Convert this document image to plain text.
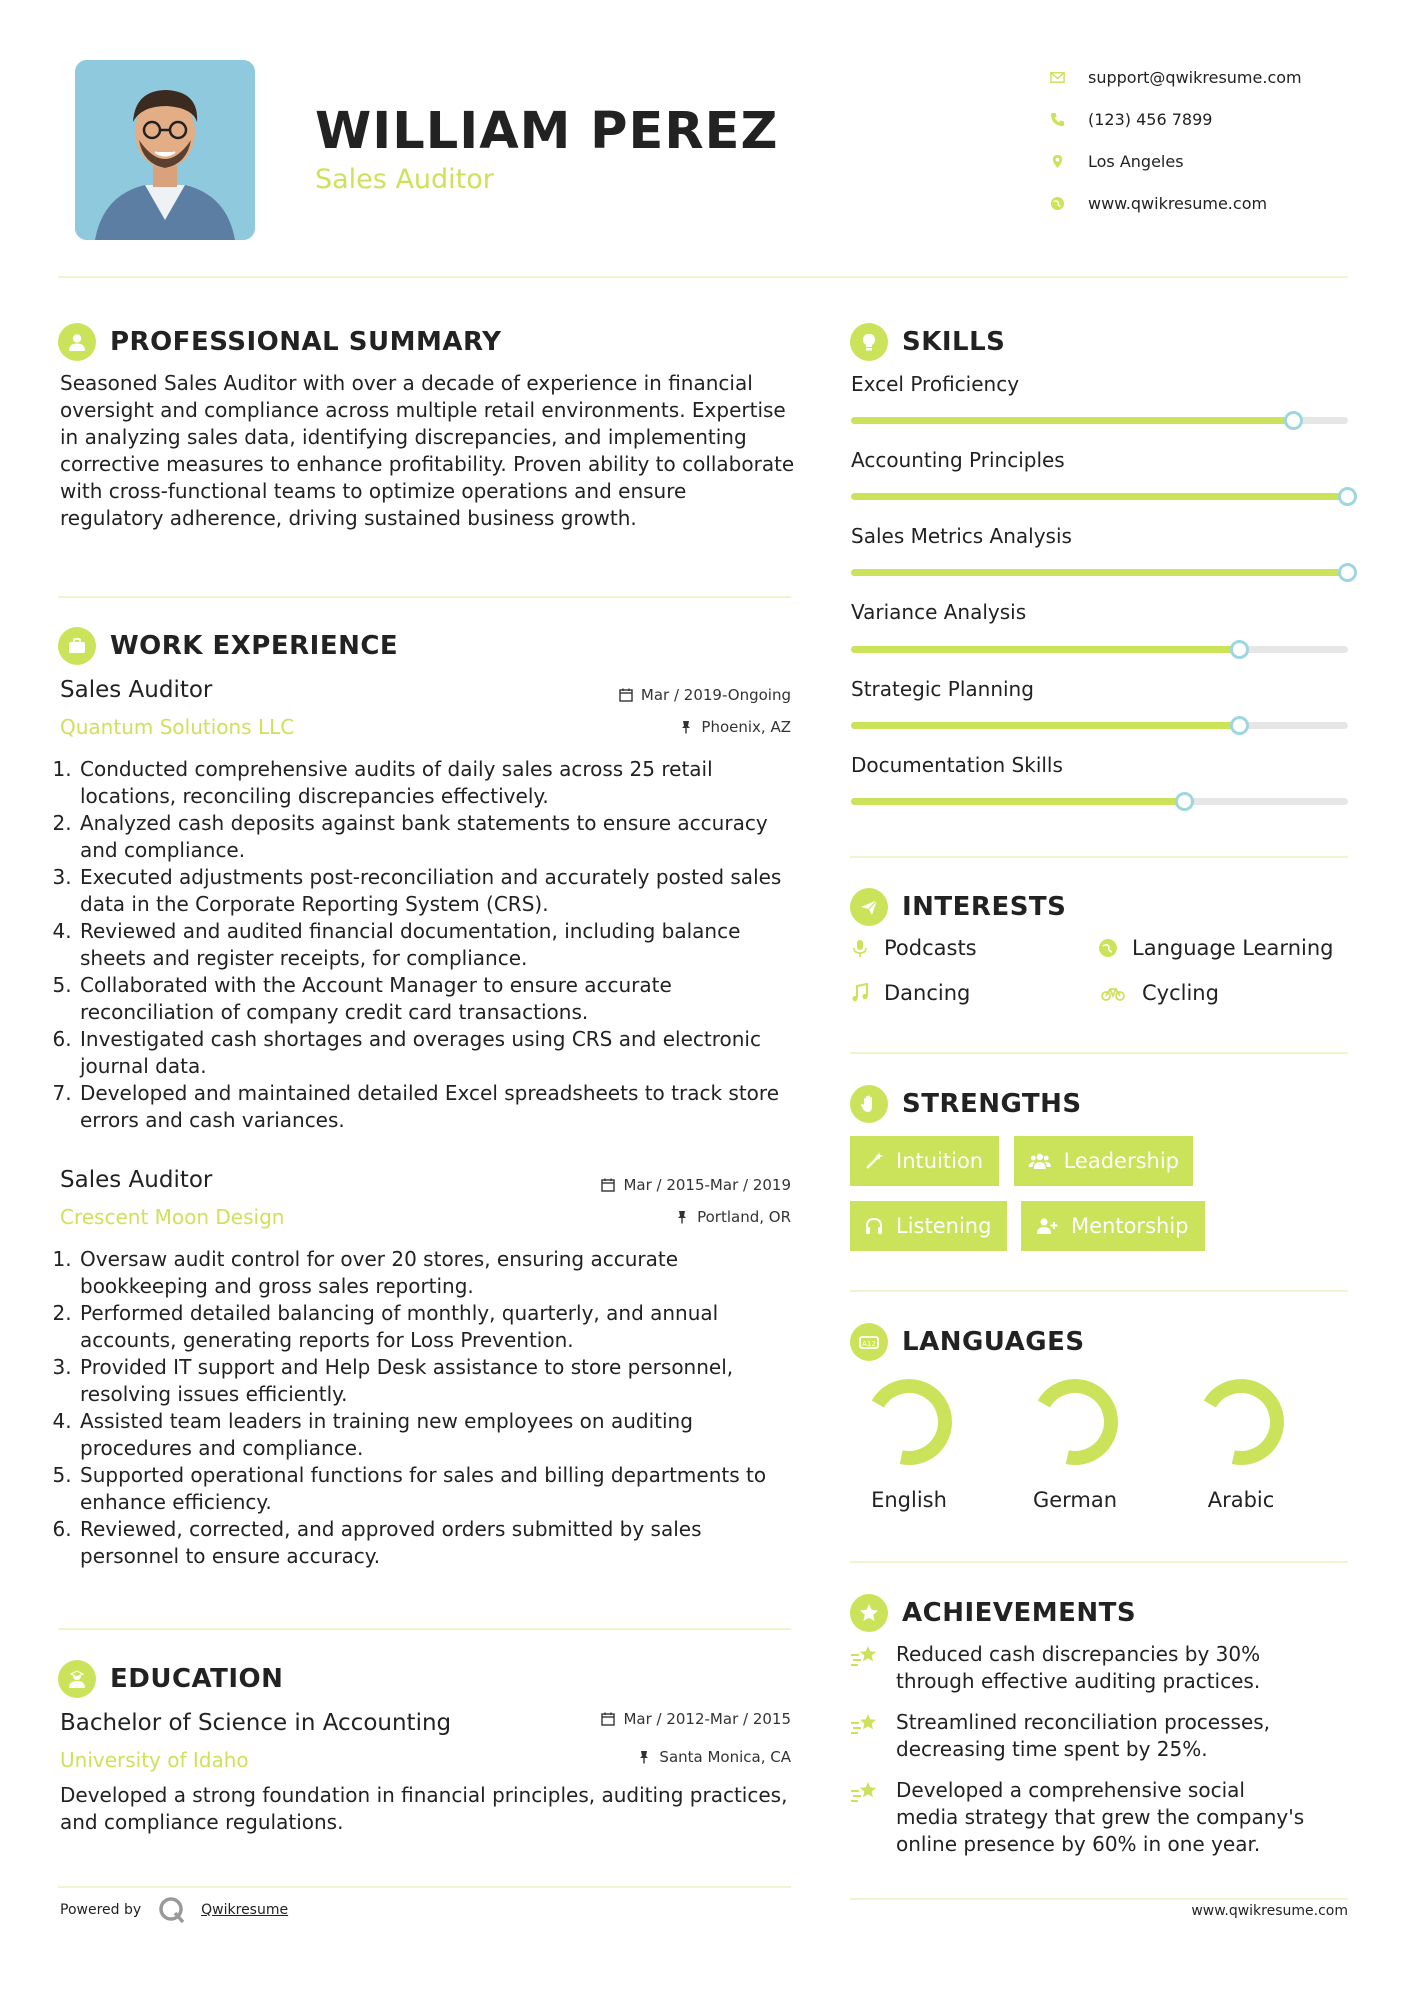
WILLIAM PEREZ
Sales Auditor
support@qwikresume.com
(123) 456 7899
Los Angeles
www.qwikresume.com
PROFESSIONAL SUMMARY
Seasoned Sales Auditor with over a decade of experience in financial oversight and compliance across multiple retail environments. Expertise in analyzing sales data, identifying discrepancies, and implementing corrective measures to enhance profitability. Proven ability to collaborate with cross-functional teams to optimize operations and ensure regulatory adherence, driving sustained business growth.
WORK EXPERIENCE
Sales Auditor
Quantum Solutions LLC
Mar / 2019-Ongoing
Phoenix, AZ
1. Conducted comprehensive audits of daily sales across 25 retail locations, reconciling discrepancies effectively.
2. Analyzed cash deposits against bank statements to ensure accuracy and compliance.
3. Executed adjustments post-reconciliation and accurately posted sales data in the Corporate Reporting System (CRS).
4. Reviewed and audited financial documentation, including balance sheets and register receipts, for compliance.
5. Collaborated with the Account Manager to ensure accurate reconciliation of company credit card transactions.
6. Investigated cash shortages and overages using CRS and electronic journal data.
7. Developed and maintained detailed Excel spreadsheets to track store errors and cash variances.
Sales Auditor
Crescent Moon Design
Mar / 2015-Mar / 2019
Portland, OR
1. Oversaw audit control for over 20 stores, ensuring accurate bookkeeping and gross sales reporting.
2. Performed detailed balancing of monthly, quarterly, and annual accounts, generating reports for Loss Prevention.
3. Provided IT support and Help Desk assistance to store personnel, resolving issues efficiently.
4. Assisted team leaders in training new employees on auditing procedures and compliance.
5. Supported operational functions for sales and billing departments to enhance efficiency.
6. Reviewed, corrected, and approved orders submitted by sales personnel to ensure accuracy.
EDUCATION
Bachelor of Science in Accounting
University of Idaho
Mar / 2012-Mar / 2015
Santa Monica, CA
Developed a strong foundation in financial principles, auditing practices, and compliance regulations.
Powered by	Qwikresume
SKILLS
Excel Proficiency
Accounting Principles
Sales Metrics Analysis
Variance Analysis
Strategic Planning
Documentation Skills
INTERESTS
Podcasts	Language Learning
Dancing	Cycling
STRENGTHS
Intuition	Leadership
Listening	Mentorship
A12 LANGUAGES
English	German	Arabic
ACHIEVEMENTS
Reduced cash discrepancies by 30% through effective auditing practices.
Streamlined reconciliation processes, decreasing time spent by 25%.
Developed a comprehensive social media strategy that grew the company's online presence by 60% in one year.
www.qwikresume.com
